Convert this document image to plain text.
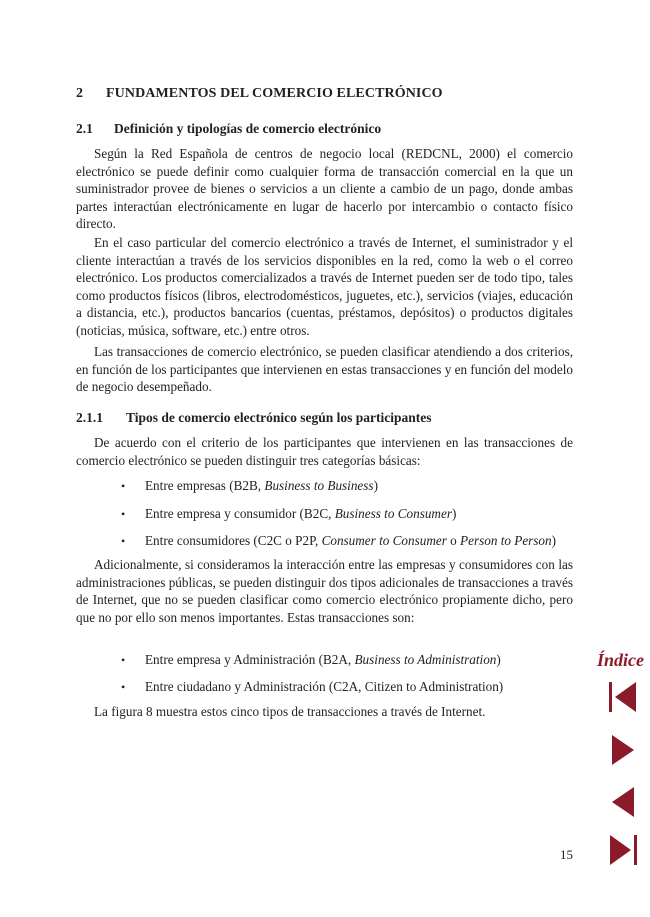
2 FUNDAMENTOS DEL COMERCIO ELECTRÓNICO
2.1 Definición y tipologías de comercio electrónico

Según la Red Española de centros de negocio local (REDCNL, 2000) el comercio electrónico se puede definir como cualquier forma de transacción comercial en la que un suministrador provee de bienes o servicios a un cliente a cambio de un pago, donde ambas partes interactúan electrónicamente en lugar de hacerlo por intercambio o contacto físico directo.

En el caso particular del comercio electrónico a través de Internet, el suministrador y el cliente interactúan a través de los servicios disponibles en la red, como la web o el correo electrónico. Los productos comercializados a través de Internet pueden ser de todo tipo, tales como productos físicos (libros, electrodomésticos, juguetes, etc.), servicios (viajes, educación a distancia, etc.), productos bancarios (cuentas, préstamos, depósitos) o productos digitales (noticias, música, software, etc.) entre otros.

Las transacciones de comercio electrónico, se pueden clasificar atendiendo a dos criterios, en función de los participantes que intervienen en estas transacciones y en función del modelo de negocio desempeñado.

2.1.1 Tipos de comercio electrónico según los participantes

De acuerdo con el criterio de los participantes que intervienen en las transacciones de comercio electrónico se pueden distinguir tres categorías básicas:

• Entre empresas (B2B, Business to Business)
• Entre empresa y consumidor (B2C, Business to Consumer)
• Entre consumidores (C2C o P2P, Consumer to Consumer o Person to Person)

Adicionalmente, si consideramos la interacción entre las empresas y consumidores con las administraciones públicas, se pueden distinguir dos tipos adicionales de transacciones a través de Internet, que no se pueden clasificar como comercio electrónico propiamente dicho, pero que no por ello son menos importantes. Estas transacciones son:

• Entre empresa y Administración (B2A, Business to Administration)
• Entre ciudadano y Administración (C2A, Citizen to Administration)
La figura 8 muestra estos cinco tipos de transacciones a través de Internet.
Índice
15
